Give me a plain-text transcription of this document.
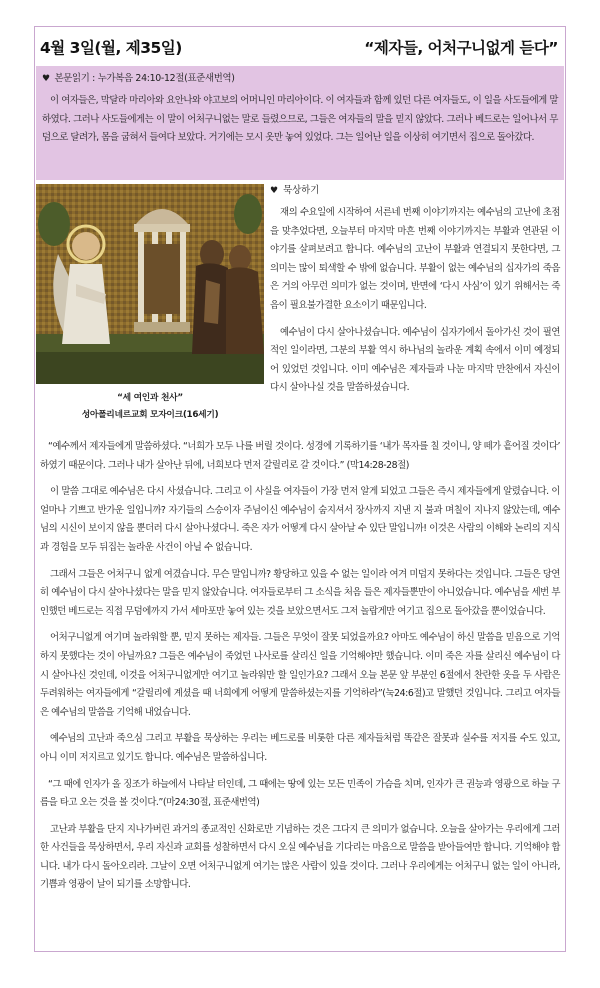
4월 3일(월, 제35일)	“제자들, 어처구니없게 듣다”
♥ 본문읽기 : 누가복음 24:10-12절(표준새번역)

이 여자들은, 막달라 마리아와 요안나와 야고보의 어머니인 마리아이다. 이 여자들과 함께 있던 다른 여자들도, 이 일을 사도들에게 말하였다. 그러나 사도들에게는 이 말이 어처구니없는 말로 들렸으므로, 그들은 여자들의 말을 믿지 않았다. 그러나 베드로는 일어나서 무덤으로 달려가, 몸을 굽혀서 들여다 보았다. 거기에는 모시 옷만 놓여 있었다. 그는 일어난 일을 이상히 여기면서 집으로 돌아갔다.

“세 여인과 천사”
성아폴리네르교회 모자이크(16세기)
♥ 묵상하기

재의 수요일에 시작하여 서른네 번째 이야기까지는 예수님의 고난에 초점을 맞추었다면, 오늘부터 마지막 마흔 번째 이야기까지는 부활과 연관된 이야기를 살펴보려고 합니다. 예수님의 고난이 부활과 연결되지 못한다면, 그 의미는 많이 퇴색할 수 밖에 없습니다. 부활이 없는 예수님의 십자가의 죽음은 거의 아무런 의미가 없는 것이며, 반면에 ‘다시 사심’이 있기 위해서는 죽음이 필요불가결한 요소이기 때문입니다.

예수님이 다시 살아나셨습니다. 예수님이 십자가에서 돌아가신 것이 필연적인 일이라면, 그분의 부활 역시 하나님의 놀라운 계획 속에서 이미 예정되어 있었던 것입니다. 이미 예수님은 제자들과 나눈 마지막 만찬에서 자신이 다시 살아나실 것을 말씀하셨습니다.

“예수께서 제자들에게 말씀하셨다. “너희가 모두 나를 버릴 것이다. 성경에 기록하기를 ‘내가 목자를 칠 것이니, 양 떼가 흩어질 것이다’ 하였기 때문이다. 그러나 내가 살아난 뒤에, 너희보다 먼저 갈릴리로 갈 것이다.” (막14:28-28절)

이 말씀 그대로 예수님은 다시 사셨습니다. 그리고 이 사실을 여자들이 가장 먼저 알게 되었고 그들은 즉시 제자들에게 알렸습니다. 이 얼마나 기쁘고 반가운 일입니까? 자기들의 스승이자 주님이신 예수님이 숨지셔서 장사까지 지낸 지 불과 며칠이 지나지 않았는데, 예수님의 시신이 보이지 않을 뿐더러 다시 살아나셨다니. 죽은 자가 어떻게 다시 살아날 수 있단 말입니까! 이것은 사람의 이해와 논리의 지식과 경험을 모두 뒤집는 놀라운 사건이 아닐 수 없습니다.

그래서 그들은 어처구니 없게 여겼습니다. 무슨 말입니까? 황당하고 있을 수 없는 일이라 여겨 미덥지 못하다는 것입니다. 그들은 당연히 예수님이 다시 살아나셨다는 말을 믿지 않았습니다. 여자들로부터 그 소식을 처음 들은 제자들뿐만이 아니었습니다. 예수님을 세번 부인했던 베드로는 직접 무덤에까지 가서 세마포만 놓여 있는 것을 보았으면서도 그저 놀랍게만 여기고 집으로 돌아갔을 뿐이었습니다.

어처구니없게 여기며 놀라워할 뿐, 믿지 못하는 제자들. 그들은 무엇이 잘못 되었을까요? 아마도 예수님이 하신 말씀을 믿음으로 기억하지 못했다는 것이 아닐까요? 그들은 예수님이 죽었던 나사로를 살리신 일을 기억해야만 했습니다. 이미 죽은 자를 살리신 예수님이 다시 살아나신 것인데, 이것을 어처구니없게만 여기고 놀라워만 할 일인가요? 그래서 오늘 본문 앞 부분인 6절에서 찬란한 옷을 두 사람은 두려워하는 여자들에게 “갈릴리에 계셨을 때 너희에게 어떻게 말씀하셨는지를 기억하라”(눅24:6절)고 말했던 것입니다. 그리고 여자들은 예수님의 말씀을 기억해 내었습니다.

예수님의 고난과 죽으심 그리고 부활을 묵상하는 우리는 베드로를 비롯한 다른 제자들처럼 똑같은 잘못과 실수를 저지를 수도 있고, 아니 이미 저지르고 있기도 합니다. 예수님은 말씀하십니다.

“그 때에 인자가 올 징조가 하늘에서 나타날 터인데, 그 때에는 땅에 있는 모든 민족이 가슴을 치며, 인자가 큰 권능과 영광으로 하늘 구름을 타고 오는 것을 볼 것이다.”(마24:30절, 표준새번역)

고난과 부활을 단지 지나가버린 과거의 종교적인 신화로만 기념하는 것은 그다지 큰 의미가 없습니다. 오늘을 살아가는 우리에게 그러한 사건들을 묵상하면서, 우리 자신과 교회를 성찰하면서 다시 오실 예수님을 기다리는 마음으로 말씀을 받아들여만 합니다. 기억해야 합니다. 내가 다시 돌아오리라. 그날이 오면 어처구니없게 여기는 많은 사람이 있을 것이다. 그러나 우리에게는 어처구니 없는 일이 아니라, 기쁨과 영광이 날이 되기를 소망합니다.
